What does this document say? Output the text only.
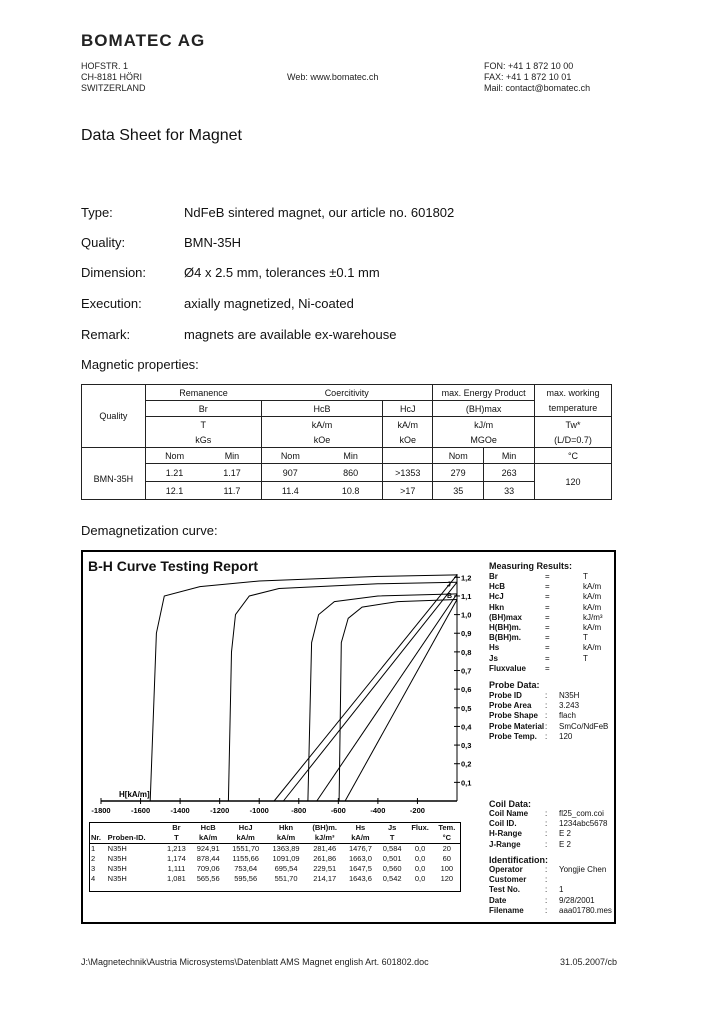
BOMATEC AG
HOFSTR. 1
CH-8181 HÖRI
SWITZERLAND
Web: www.bomatec.ch
FON: +41 1 872 10 00
FAX: +41 1 872 10 01
Mail: contact@bomatec.ch
Data Sheet for Magnet
Type:	NdFeB sintered magnet, our article no. 601802
Quality:	BMN-35H
Dimension:	Ø4 x 2.5 mm, tolerances ±0.1 mm
Execution:	axially magnetized, Ni-coated
Remark:	magnets are available ex-warehouse
Magnetic properties:
Quality	Remanence		Coercitivity			max. Energy Product		max. working
	Br		HcB		HcJ	(BH)max		temperature
	T		kA/m		kA/m	kJ/m		Tw*
	kGs		kOe		kOe	MGOe		(L/D=0.7)
BMN-35H	Nom	Min	Nom	Min		Nom	Min	°C
	1.21	1.17	907	860	>1353	279	263	120
	12.1	11.7	11.4	10.8	>17	35	33	
Demagnetization curve:
B-H Curve Testing Report
-1800	-1600	-1400	-1200	-1000	-800	-600	-400	-200
0,1
0,2
0,3
0,4
0,5
0,6
0,7
0,8
0,9
1,0
1,1
1,2
H[kA/m]
J
B
Measuring Results:
Br	=	T
HcB	=	kA/m
HcJ	=	kA/m
Hkn	=	kA/m
(BH)max	=	kJ/m³
H(BH)m.	=	kA/m
B(BH)m.	=	T
Hs	=	kA/m
Js	=	T
Fluxvalue	=
Probe Data:
Probe ID	:	N35H
Probe Area	:	3.243
Probe Shape :	flach
Probe Material :	SmCo/NdFeB
Probe Temp.	:	120
Coil Data:
Coil Name	:	fl25_com.coi
Coil ID.	:	1234abc5678
H-Range	:	E 2
J-Range	:	E 2
Identification:
Operator	:	Yongjie Chen
Customer	:
Test No.	:	1
Date	:	9/28/2001
Filename	:	aaa01780.mes
		Br	HcB	HcJ	Hkn	(BH)m.	Hs	Js	Flux.	Tem.
Nr.	Proben-ID.	T	kA/m	kA/m	kA/m	kJ/m³	kA/m	T		°C
1	N35H	1,213	924,91	1551,70	1363,89	281,46	1476,7	0,584	0,0	20
2	N35H	1,174	878,44	1155,66	1091,09	261,86	1663,0	0,501	0,0	60
3	N35H	1,111	709,06	753,64	695,54	229,51	1647,5	0,560	0,0	100
4	N35H	1,081	565,56	595,56	551,70	214,17	1643,6	0,542	0,0	120
J:\Magnetechnik\Austria Microsystems\Datenblatt AMS Magnet english Art. 601802.doc	31.05.2007/cb
